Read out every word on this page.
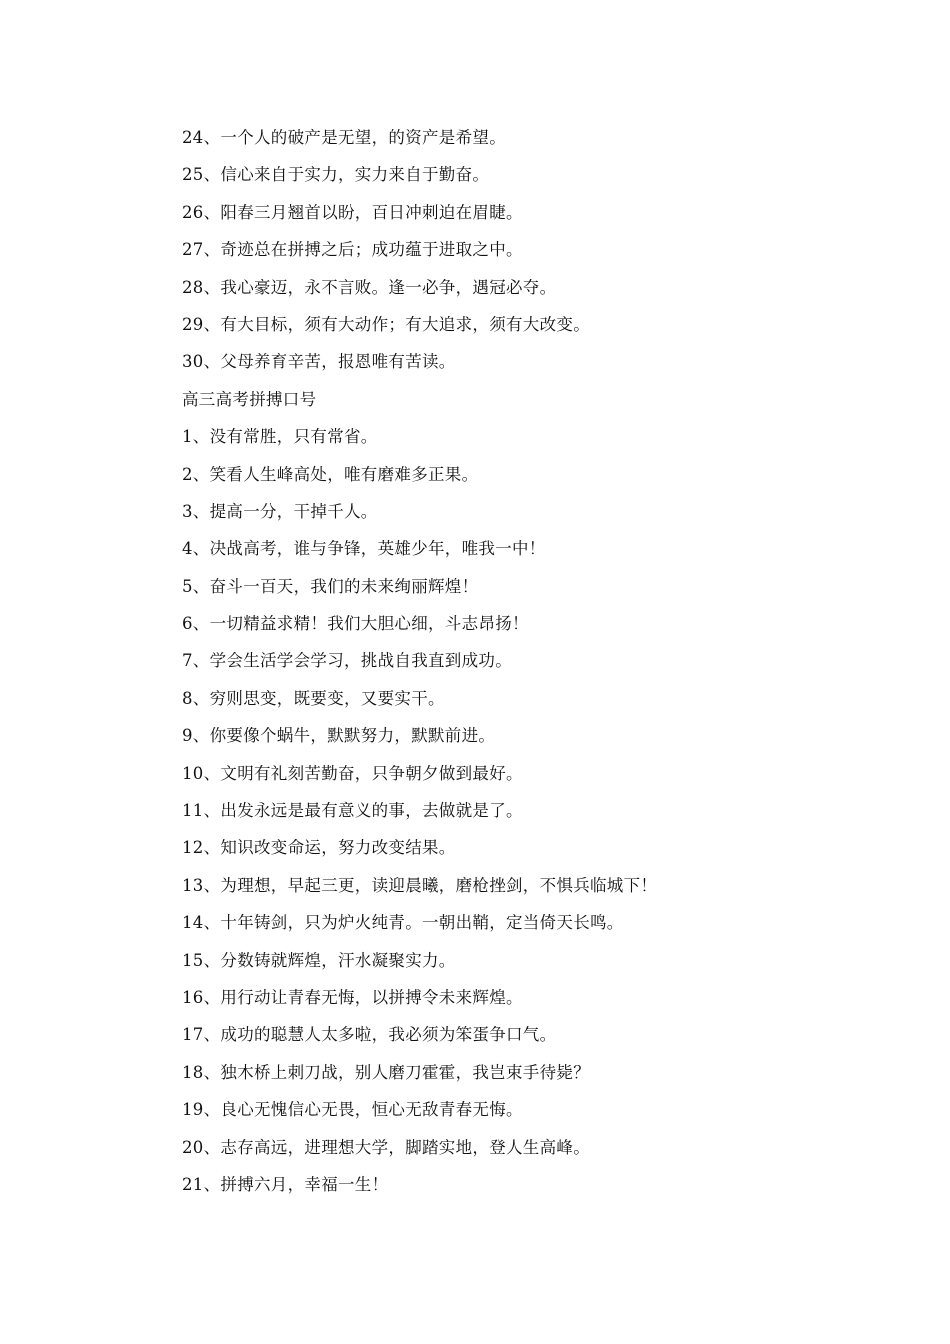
24、一个人的破产是无望，的资产是希望。
25、信心来自于实力，实力来自于勤奋。
26、阳春三月翘首以盼，百日冲刺迫在眉睫。
27、奇迹总在拼搏之后；成功蕴于进取之中。
28、我心豪迈，永不言败。逢一必争，遇冠必夺。
29、有大目标，须有大动作；有大追求，须有大改变。
30、父母养育辛苦，报恩唯有苦读。
高三高考拼搏口号
1、没有常胜，只有常省。
2、笑看人生峰高处，唯有磨难多正果。
3、提高一分，干掉千人。
4、决战高考，谁与争锋，英雄少年，唯我一中！
5、奋斗一百天，我们的未来绚丽辉煌！
6、一切精益求精！我们大胆心细，斗志昂扬！
7、学会生活学会学习，挑战自我直到成功。
8、穷则思变，既要变，又要实干。
9、你要像个蜗牛，默默努力，默默前进。
10、文明有礼刻苦勤奋，只争朝夕做到最好。
11、出发永远是最有意义的事，去做就是了。
12、知识改变命运，努力改变结果。
13、为理想，早起三更，读迎晨曦，磨枪挫剑，不惧兵临城下！
14、十年铸剑，只为炉火纯青。一朝出鞘，定当倚天长鸣。
15、分数铸就辉煌，汗水凝聚实力。
16、用行动让青春无悔，以拼搏令未来辉煌。
17、成功的聪慧人太多啦，我必须为笨蛋争口气。
18、独木桥上刺刀战，别人磨刀霍霍，我岂束手待毙？
19、良心无愧信心无畏，恒心无敌青春无悔。
20、志存高远，进理想大学，脚踏实地，登人生高峰。
21、拼搏六月，幸福一生！
